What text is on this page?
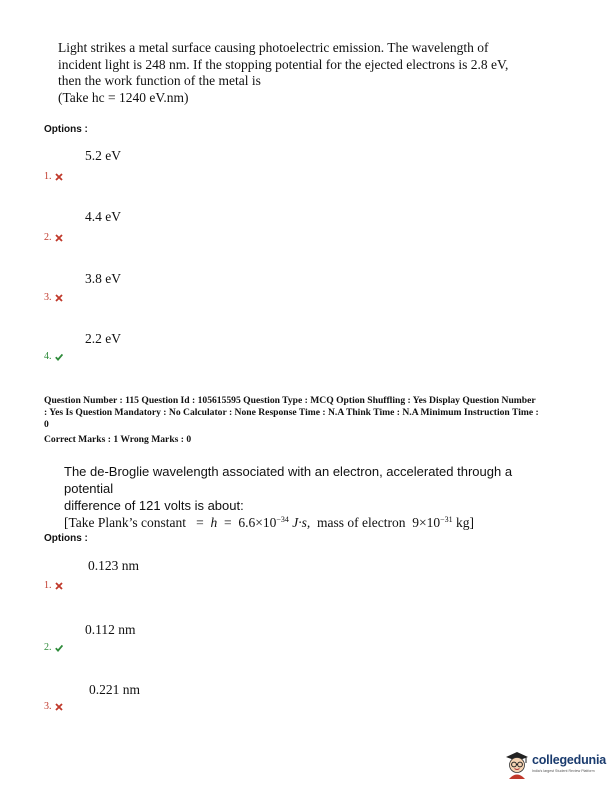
Light strikes a metal surface causing photoelectric emission. The wavelength of
incident light is 248 nm. If the stopping potential for the ejected electrons is 2.8 eV,
then the work function of the metal is
(Take hc = 1240 eV.nm)
Options :
5.2 eV
1.
4.4 eV
2.
3.8 eV
3.
2.2 eV
4.
Question Number : 115 Question Id : 105615595 Question Type : MCQ Option Shuffling : Yes Display Question Number
: Yes Is Question Mandatory : No Calculator : None Response Time : N.A Think Time : N.A Minimum Instruction Time :
0
Correct Marks : 1 Wrong Marks : 0
The de-Broglie wavelength associated with an electron, accelerated through a potential
difference of 121 volts is about:
[Take Plank’s constant = $h = 6.6\times 10^{-34}$ J·s, mass of electron $9\times 10^{-31}$ kg]
Options :
0.123 nm
1.
0.112 nm
2.
0.221 nm
3.
collegedunia
India's largest Student Review Platform
